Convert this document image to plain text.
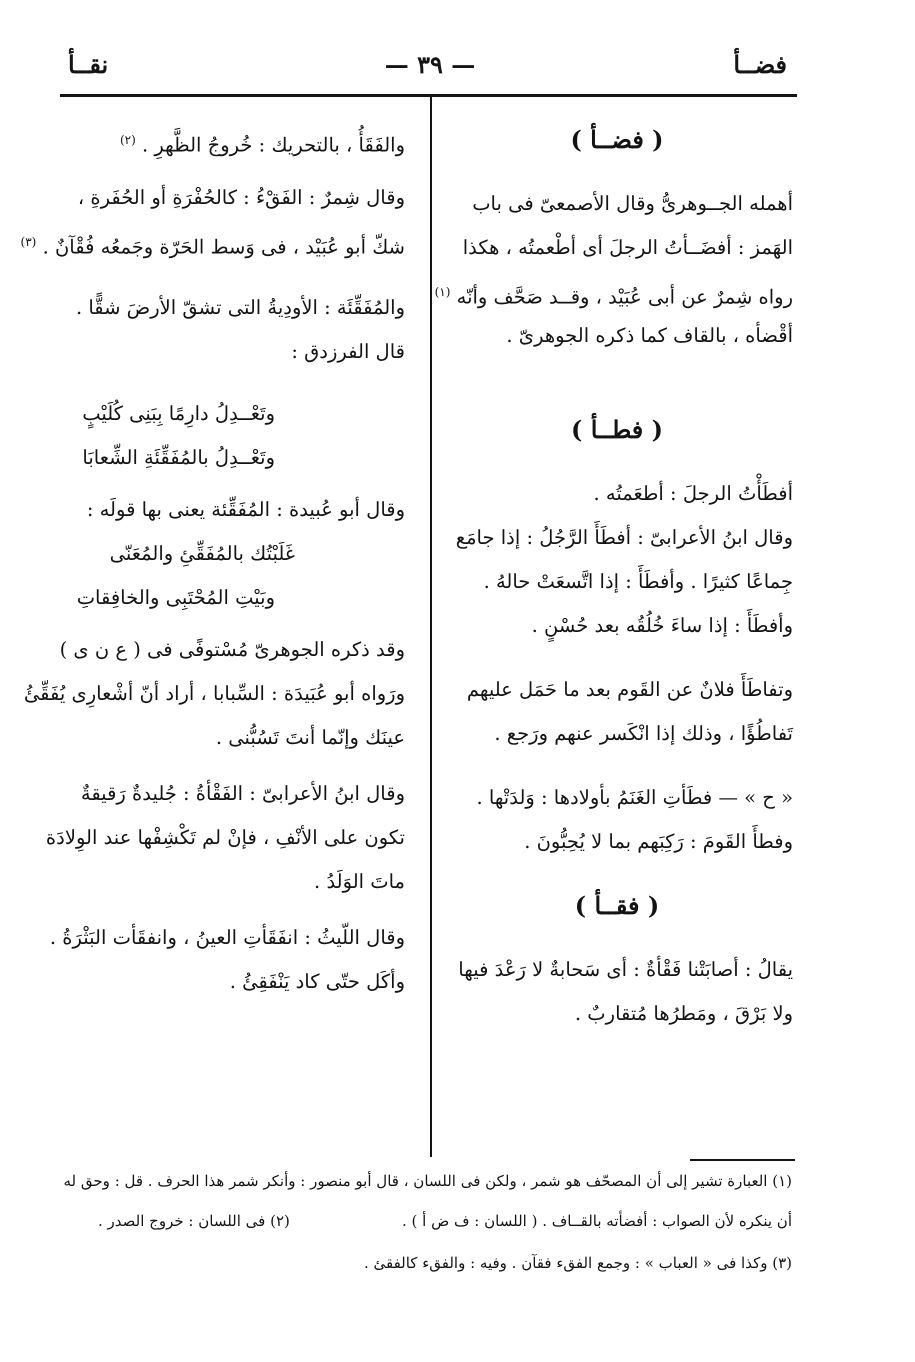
فضــأ
— ٣٩ —
نقــأ
( فضــأ )
أهمله الجــوهرىُّ وقال الأصمعىّ فى باب
الهَمز : أفضَــأتُ الرجلَ أى أطْعمتُه ، هكذا
رواه شِمرٌ عن أبى عُبَيْد ، وقــد صَحَّف وأنّه $^{(١)}$
أقْضأه ، بالقاف كما ذكره الجوهرىّ .
( فطــأ )
أفطَأْتُ الرجلَ : أطعَمتُه .
وقال ابنُ الأعرابىّ : أفطَأَ الرَّجُلُ : إذا جامَع
جِماعًا كثيرًا . وأفطَأَ : إذا اتَّسعَتْ حالهُ .
وأفطَأَ : إذا ساءَ خُلُقُه بعد حُسْنٍ .
وتفاطَأَ فلانٌ عن القَوم بعد ما حَمَل عليهم
تَفاطُؤًا ، وذلك إذا انْكَسر عنهم ورَجع .
« ح » — فطَأتِ الغَنَمُ بأولادها : وَلدَتْها .
وفطأَ القَومَ : رَكِبَهم بما لا يُحِبُّونَ .
( فقــأ )
يقالُ : أصابَتْنا فَقْأةٌ : أى سَحابةٌ لا رَعْدَ فيها
ولا بَرْقَ ، ومَطرُها مُتقاربٌ .
والفَقَأُ ، بالتحريك : خُروجُ الظَّهرِ . $^{(٢)}$
وقال شِمرٌ : الفَقْءُ : كالحُفْرَةِ أو الحُفَرةِ ،
شكّ أبو عُبَيْد ، فى وَسط الحَرّة وجَمعُه فُقْآنٌ . $^{(٣)}$
والمُفَقِّئَة : الأودِيةُ التى تشقّ الأرضَ شقًّا .
قال الفرزدق :
وتَعْــدِلُ دارِمًا بِبَنِى كُلَيْبٍ
وتَعْــدِلُ بالمُفَقِّئَةِ الشِّعابَا
وقال أبو عُبيدة : المُفَقِّئة يعنى بها قولَه :
غَلَبْتُك بالمُفَقِّئِ والمُعَنّى
وبَيْتِ المُحْتَبِى والخافِقاتِ
وقد ذكره الجوهرىّ مُسْتوفًى فى ( ع ن ى )
ورَواه أبو عُبَيدَة : السِّبابا ، أراد أنّ أشْعارِى يُفَقِّئُ
عينَك وإنّما أنتَ تَسُبُّنى .
وقال ابنُ الأعرابىّ : الفَقْأةُ : جُليدةٌ رَقيقةٌ
تكون على الأنْفِ ، فإنْ لم تَكْشِفْها عند الوِلادَة
ماتَ الوَلَدُ .
وقال اللّيثُ : انفَقَأتِ العينُ ، وانفقَأت البَثْرَةُ .
وأكَل حتّى كاد يَنْفَقِئُ .
(١) العبارة تشير إلى أن المصحّف هو شمر ، ولكن فى اللسان ، قال أبو منصور : وأنكر شمر هذا الحرف . قل : وحق له
أن ينكره لأن الصواب : أفضأته بالقــاف . ( اللسان : ف ض أ ) .
(٢) فى اللسان : خروج الصدر .
(٣) وكذا فى « العباب » : وجمع الفقء فقآن . وفيه : والفقء كالفقئ .
